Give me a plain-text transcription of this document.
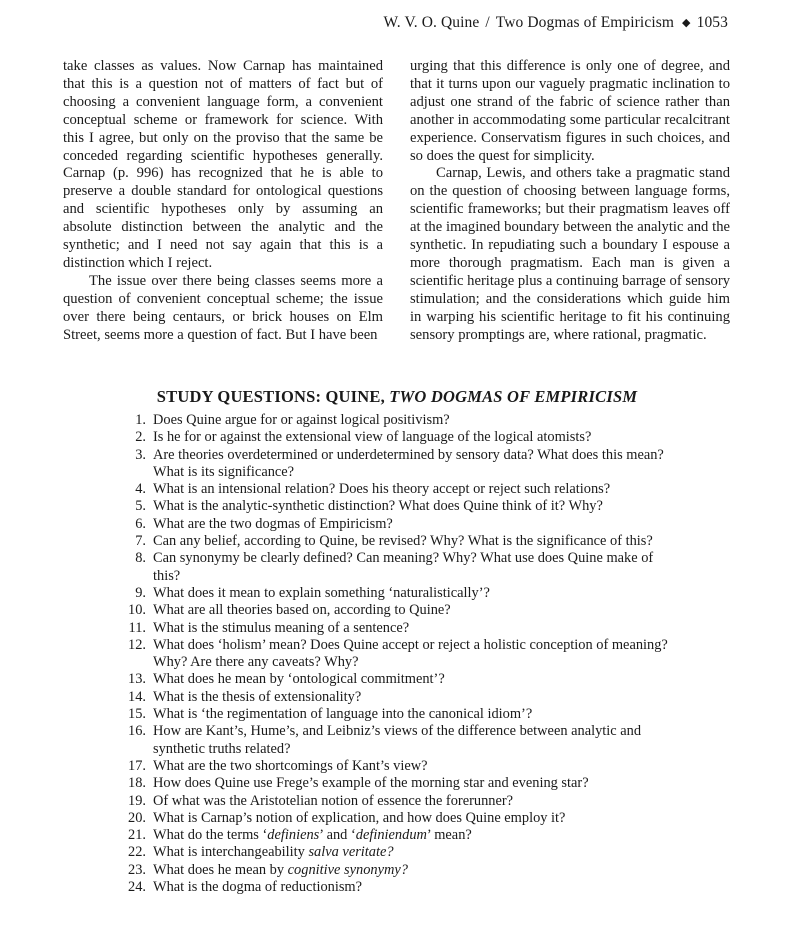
W. V. O. Quine / Two Dogmas of Empiricism ◆ 1053

take classes as values. Now Carnap has maintained that this is a question not of matters of fact but of choosing a convenient language form, a convenient conceptual scheme or framework for science. With this I agree, but only on the proviso that the same be conceded regarding scientific hypotheses generally. Carnap (p. 996) has recognized that he is able to preserve a double standard for ontological questions and scientific hypotheses only by assuming an absolute distinction between the analytic and the synthetic; and I need not say again that this is a distinction which I reject.

The issue over there being classes seems more a question of convenient conceptual scheme; the issue over there being centaurs, or brick houses on Elm Street, seems more a question of fact. But I have been

urging that this difference is only one of degree, and that it turns upon our vaguely pragmatic inclination to adjust one strand of the fabric of science rather than another in accommodating some particular recalcitrant experience. Conservatism figures in such choices, and so does the quest for simplicity.

Carnap, Lewis, and others take a pragmatic stand on the question of choosing between language forms, scientific frameworks; but their pragmatism leaves off at the imagined boundary between the analytic and the synthetic. In repudiating such a boundary I espouse a more thorough pragmatism. Each man is given a scientific heritage plus a continuing barrage of sensory stimulation; and the considerations which guide him in warping his scientific heritage to fit his continuing sensory promptings are, where rational, pragmatic.

STUDY QUESTIONS: QUINE, TWO DOGMAS OF EMPIRICISM
1. Does Quine argue for or against logical positivism?
2. Is he for or against the extensional view of language of the logical atomists?
3. Are theories overdetermined or underdetermined by sensory data? What does this mean? What is its significance?
4. What is an intensional relation? Does his theory accept or reject such relations?
5. What is the analytic-synthetic distinction? What does Quine think of it? Why?
6. What are the two dogmas of Empiricism?
7. Can any belief, according to Quine, be revised? Why? What is the significance of this?
8. Can synonymy be clearly defined? Can meaning? Why? What use does Quine make of this?
9. What does it mean to explain something ‘naturalistically’?
10. What are all theories based on, according to Quine?
11. What is the stimulus meaning of a sentence?
12. What does ‘holism’ mean? Does Quine accept or reject a holistic conception of meaning? Why? Are there any caveats? Why?
13. What does he mean by ‘ontological commitment’?
14. What is the thesis of extensionality?
15. What is ‘the regimentation of language into the canonical idiom’?
16. How are Kant’s, Hume’s, and Leibniz’s views of the difference between analytic and synthetic truths related?
17. What are the two shortcomings of Kant’s view?
18. How does Quine use Frege’s example of the morning star and evening star?
19. Of what was the Aristotelian notion of essence the forerunner?
20. What is Carnap’s notion of explication, and how does Quine employ it?
21. What do the terms ‘definiens’ and ‘definiendum’ mean?
22. What is interchangeability salva veritate?
23. What does he mean by cognitive synonymy?
24. What is the dogma of reductionism?
